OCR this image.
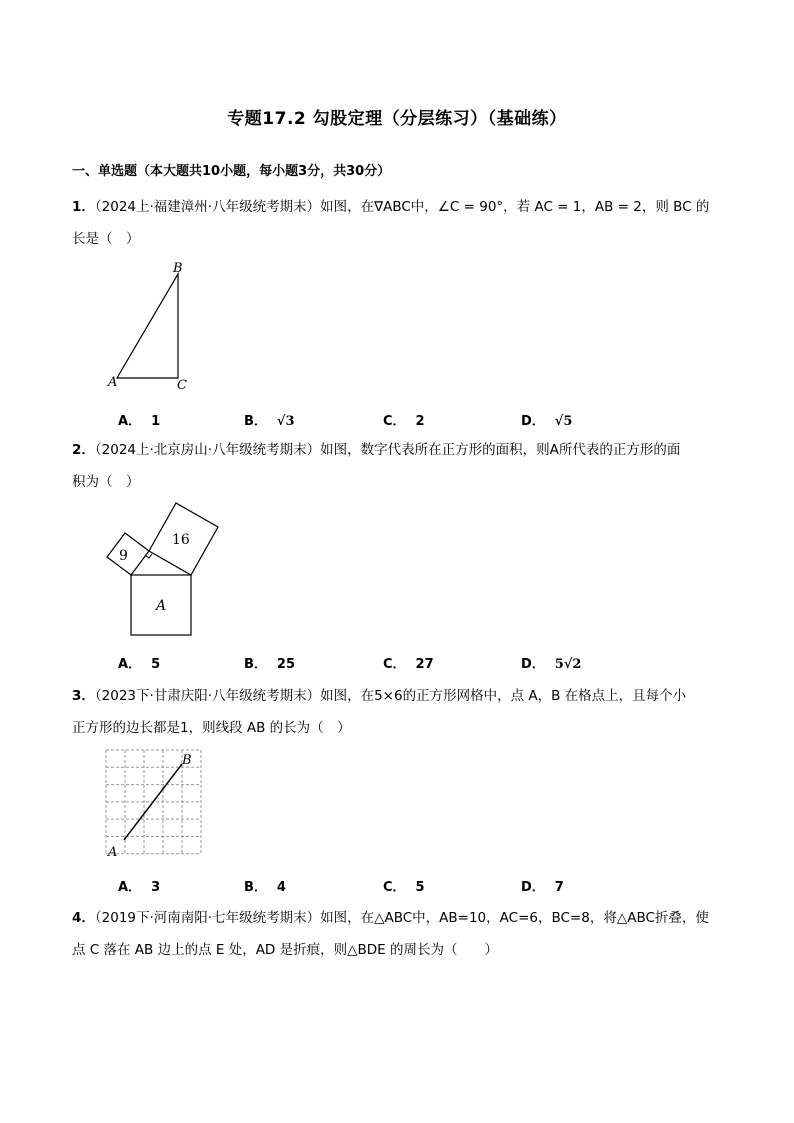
专题17.2 勾股定理（分层练习）（基础练）
一、单选题（本大题共10小题，每小题3分，共30分）
1．（2024上·福建漳州·八年级统考期末）如图，在∇ABC中，∠C = 90°，若 AC = 1，AB = 2，则 BC 的
长是（　）
A
B
C
A． 1	B． √3	C． 2	D． √5
2．（2024上·北京房山·八年级统考期末）如图，数字代表所在正方形的面积，则A所代表的正方形的面
积为（　）
9
16
A
A． 5	B． 25	C． 27	D． 5√2
3．（2023下·甘肃庆阳·八年级统考期末）如图，在5×6的正方形网格中，点 A，B 在格点上，且每个小
正方形的边长都是1，则线段 AB 的长为（　）
A
B
A． 3	B． 4	C． 5	D． 7
4．（2019下·河南南阳·七年级统考期末）如图，在△ABC中，AB=10，AC=6，BC=8，将△ABC折叠，使
点 C 落在 AB 边上的点 E 处，AD 是折痕，则△BDE 的周长为（　　）
